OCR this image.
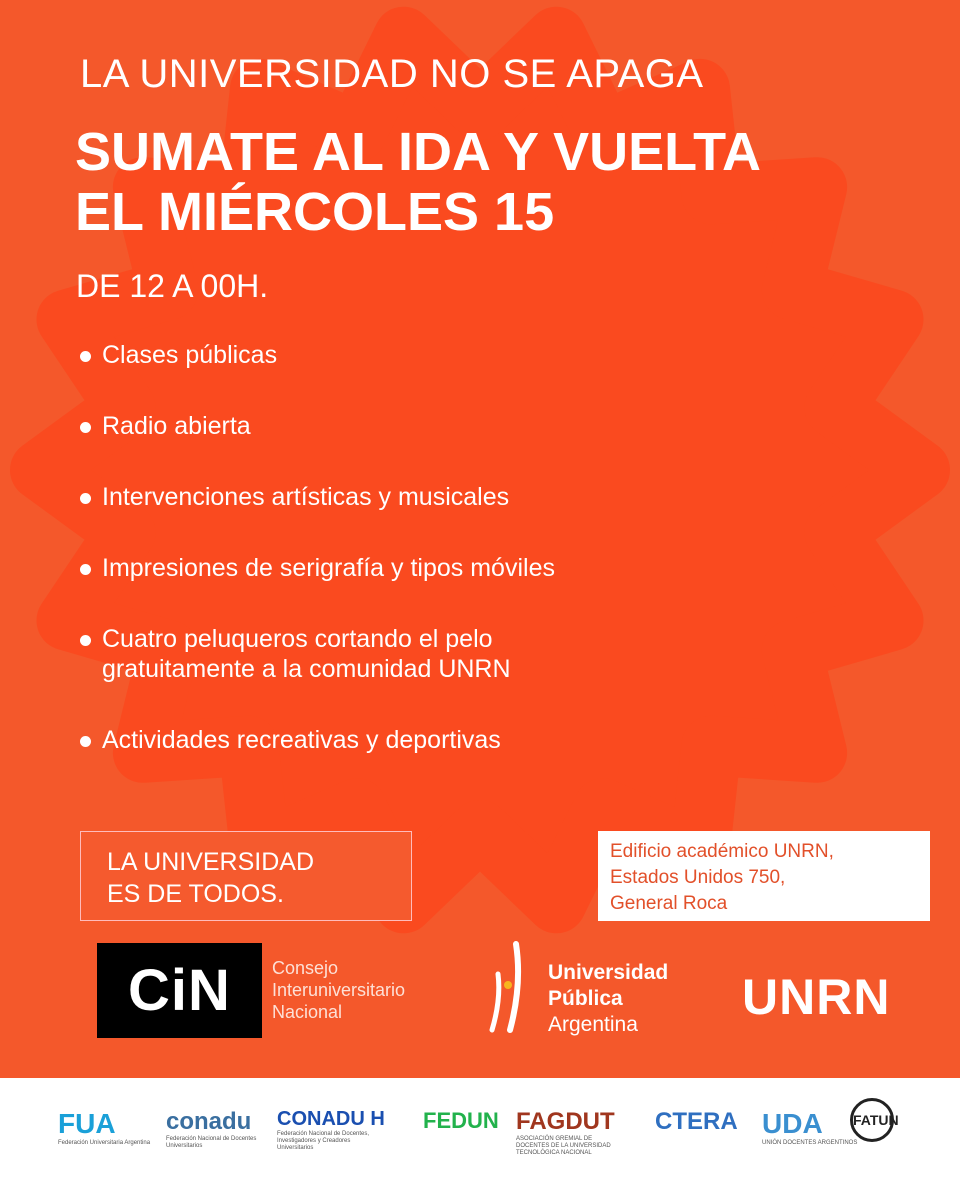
LA UNIVERSIDAD NO SE APAGA
SUMATE AL IDA Y VUELTA
EL MIÉRCOLES 15
DE 12 A 00H.
Clases públicas
Radio abierta
Intervenciones artísticas y musicales
Impresiones de serigrafía y tipos móviles
Cuatro peluqueros cortando el pelo gratuitamente a la comunidad UNRN
Actividades recreativas y deportivas
LA UNIVERSIDAD
ES DE TODOS.
Edificio académico UNRN,
Estados Unidos 750,
General Roca
CiN	Consejo
Interuniversitario
Nacional
Universidad
Pública
Argentina	UNRN
FUA
Federación Universitaria Argentina
conadu
Federación Nacional de Docentes Universitarios
CONADU H
Federación Nacional de Docentes, Investigadores y Creadores Universitarios
FEDUN FAGDUT
ASOCIACIÓN GREMIAL DE DOCENTES DE LA UNIVERSIDAD TECNOLÓGICA NACIONAL
CTERA UDA
UNIÓN DOCENTES ARGENTINOS
FATUN
